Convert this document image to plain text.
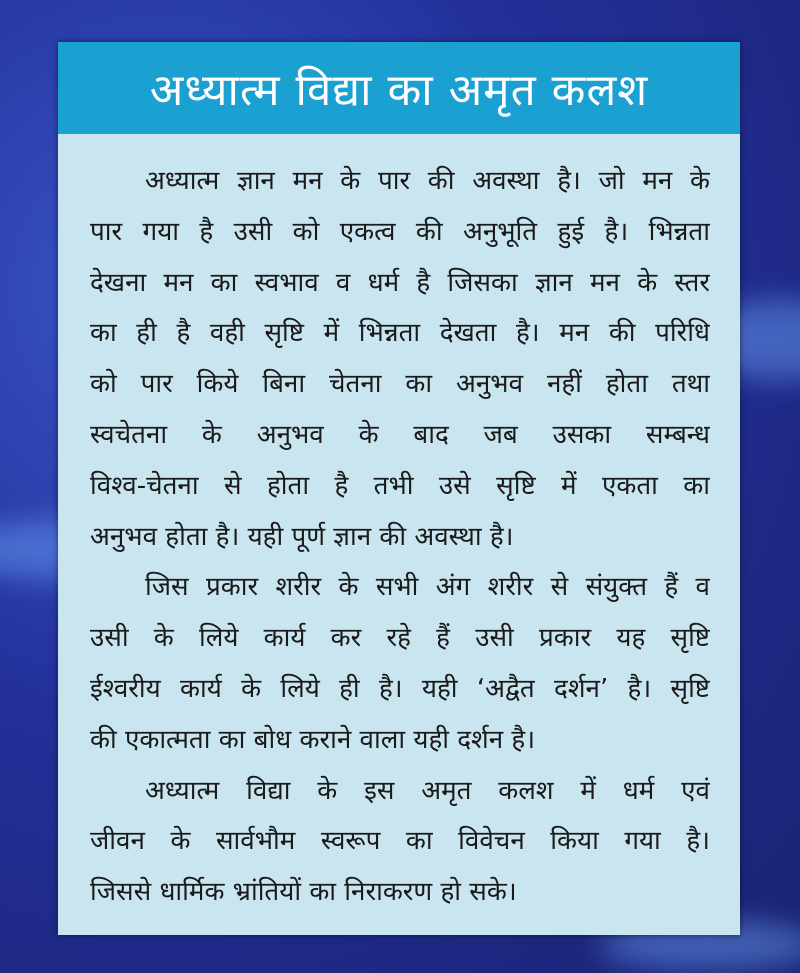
अध्यात्म विद्या का अमृत कलश
अध्यात्म ज्ञान मन के पार की अवस्था है। जो मन के
पार गया है उसी को एकत्व की अनुभूति हुई है। भिन्नता
देखना मन का स्वभाव व धर्म है जिसका ज्ञान मन के स्तर
का ही है वही सृष्टि में भिन्नता देखता है। मन की परिधि
को पार किये बिना चेतना का अनुभव नहीं होता तथा
स्वचेतना के अनुभव के बाद जब उसका सम्बन्ध
विश्व-चेतना से होता है तभी उसे सृष्टि में एकता का
अनुभव होता है। यही पूर्ण ज्ञान की अवस्था है।
जिस प्रकार शरीर के सभी अंग शरीर से संयुक्त हैं व
उसी के लिये कार्य कर रहे हैं उसी प्रकार यह सृष्टि
ईश्वरीय कार्य के लिये ही है। यही ‘अद्वैत दर्शन’ है। सृष्टि
की एकात्मता का बोध कराने वाला यही दर्शन है।
अध्यात्म विद्या के इस अमृत कलश में धर्म एवं
जीवन के सार्वभौम स्वरूप का विवेचन किया गया है।
जिससे धार्मिक भ्रांतियों का निराकरण हो सके।
